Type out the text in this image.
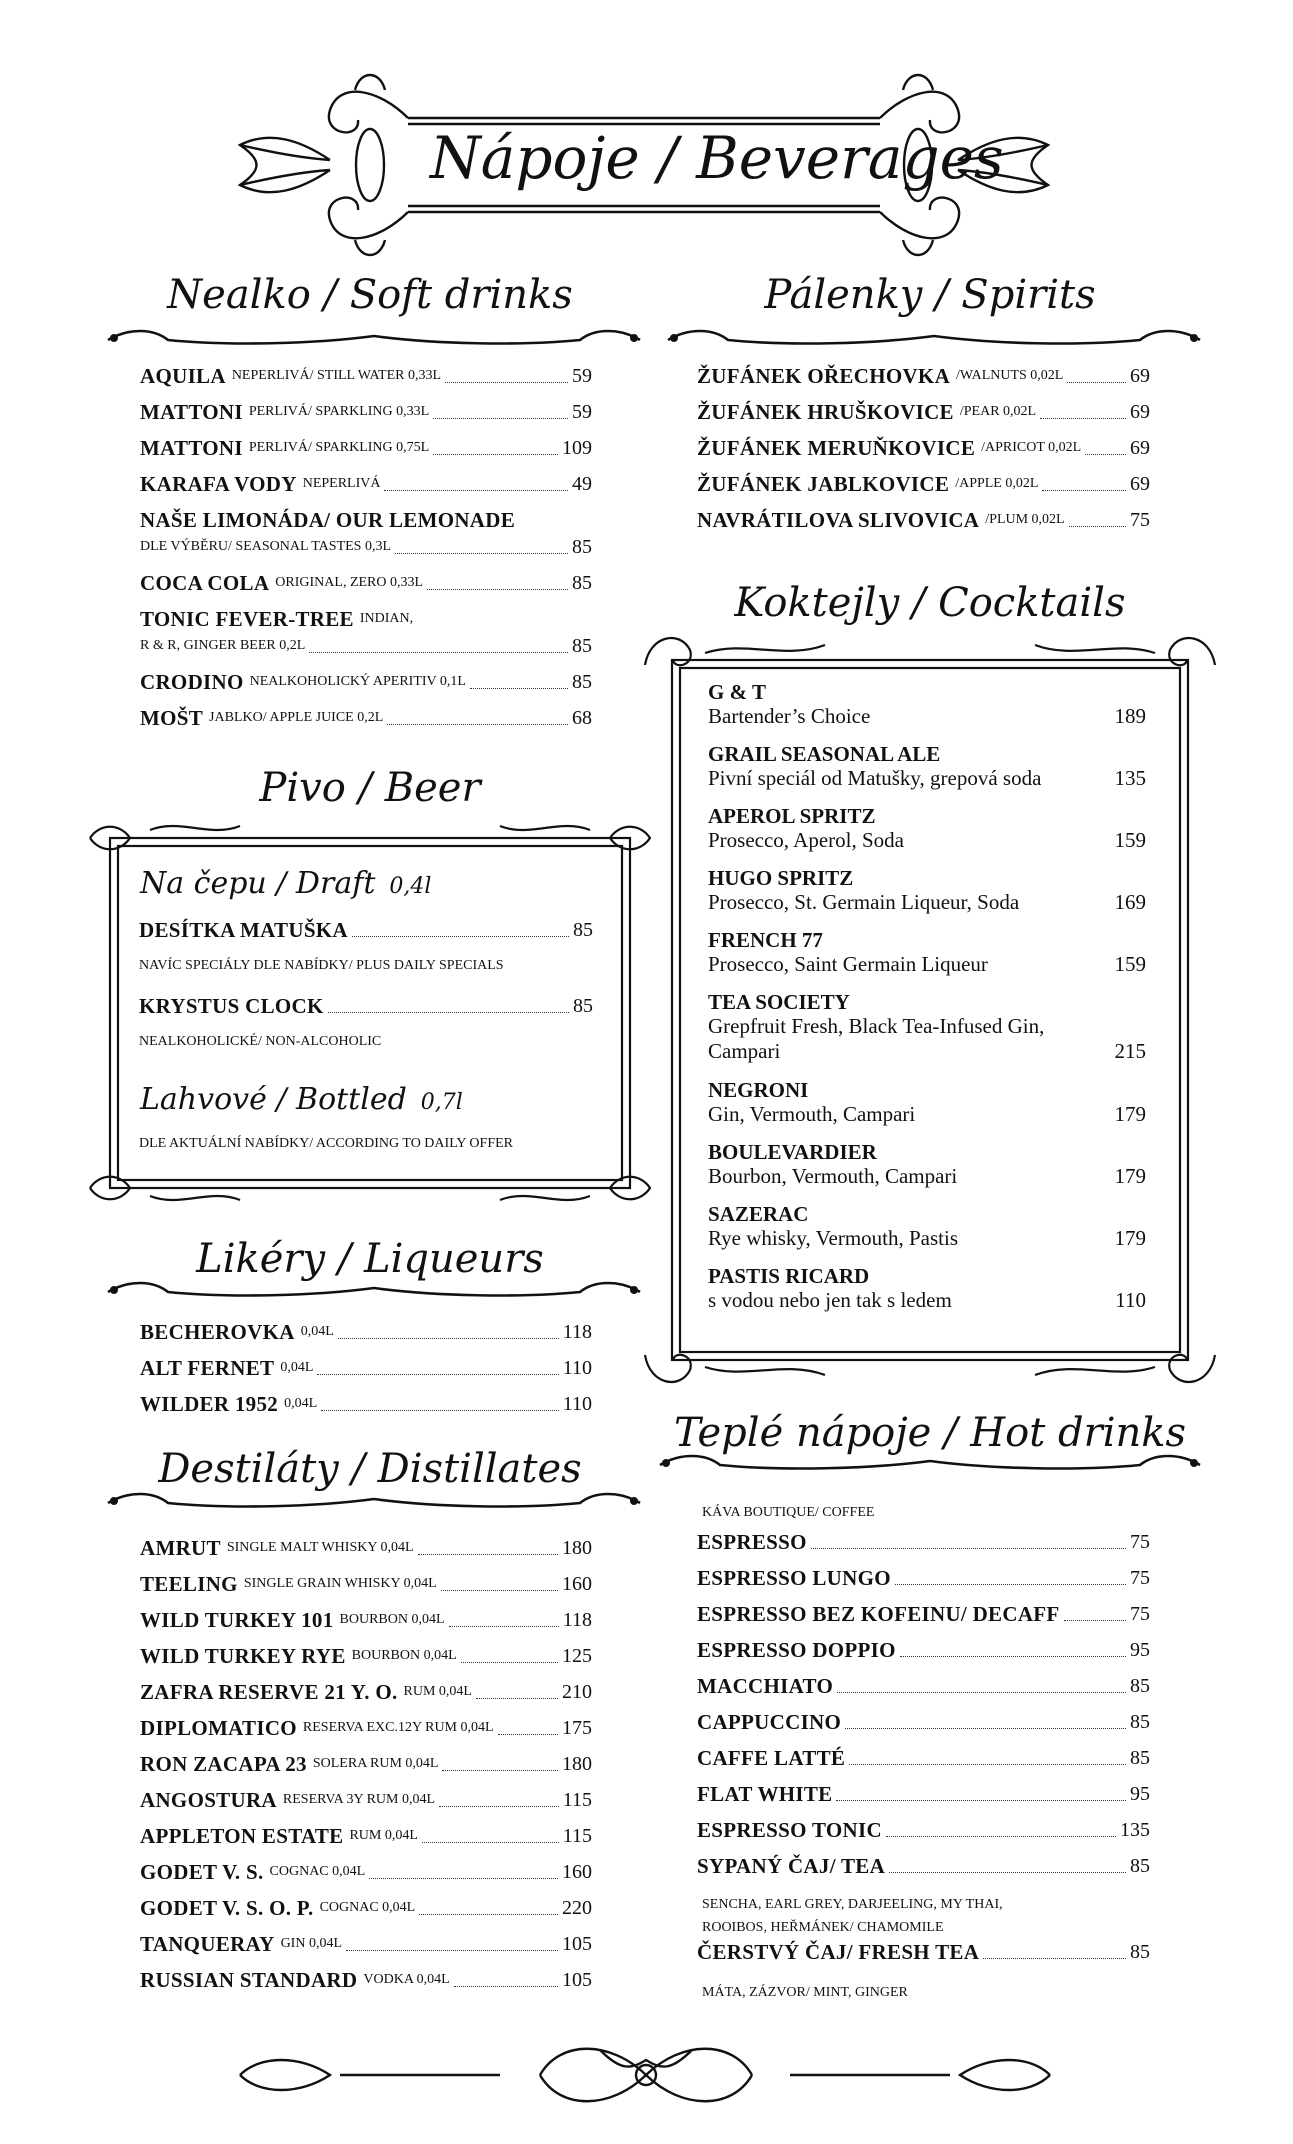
Nápoje / Beverages
Nealko / Soft drinks
AQUILA NEPERLIVÁ/ STILL WATER 0,33L	59
MATTONI PERLIVÁ/ SPARKLING 0,33L	59
MATTONI PERLIVÁ/ SPARKLING 0,75L	109
KARAFA VODY NEPERLIVÁ	49
NAŠE LIMONÁDA/ OUR LEMONADE
DLE VÝBĚRU/ SEASONAL TASTES 0,3L	85
COCA COLA ORIGINAL, ZERO 0,33L	85
TONIC FEVER-TREE INDIAN,
R & R, GINGER BEER 0,2L	85
CRODINO NEALKOHOLICKÝ APERITIV 0,1L	85
MOŠT JABLKO/ APPLE JUICE 0,2L	68
Pivo / Beer
Na čepu / Draft 0,4l
DESÍTKA MATUŠKA	85
NAVÍC SPECIÁLY DLE NABÍDKY/ PLUS DAILY SPECIALS
KRYSTUS CLOCK	85
NEALKOHOLICKÉ/ NON-ALCOHOLIC
Lahvové / Bottled 0,7l
DLE AKTUÁLNÍ NABÍDKY/ ACCORDING TO DAILY OFFER
Likéry / Liqueurs
BECHEROVKA 0,04L	118
ALT FERNET 0,04L	110
WILDER 1952 0,04L	110
Destiláty / Distillates
AMRUT SINGLE MALT WHISKY 0,04L	180
TEELING SINGLE GRAIN WHISKY 0,04L	160
WILD TURKEY 101 BOURBON 0,04L	118
WILD TURKEY RYE BOURBON 0,04L	125
ZAFRA RESERVE 21 Y. O. RUM 0,04L	210
DIPLOMATICO RESERVA EXC.12Y RUM 0,04L	175
RON ZACAPA 23 SOLERA RUM 0,04L	180
ANGOSTURA RESERVA 3Y RUM 0,04L	115
APPLETON ESTATE RUM 0,04L	115
GODET V. S. COGNAC 0,04L	160
GODET V. S. O. P. COGNAC 0,04L	220
TANQUERAY GIN 0,04L	105
RUSSIAN STANDARD VODKA 0,04L	105
Pálenky / Spirits
ŽUFÁNEK OŘECHOVKA /WALNUTS 0,02L	69
ŽUFÁNEK HRUŠKOVICE /PEAR 0,02L	69
ŽUFÁNEK MERUŇKOVICE /APRICOT 0,02L 69
ŽUFÁNEK JABLKOVICE /APPLE 0,02L	69
NAVRÁTILOVA SLIVOVICA /PLUM 0,02L	75
Koktejly / Cocktails
G & T
Bartender’s Choice	189
GRAIL SEASONAL ALE
Pivní speciál od Matušky, grepová soda	135
APEROL SPRITZ
Prosecco, Aperol, Soda	159
HUGO SPRITZ
Prosecco, St. Germain Liqueur, Soda	169
FRENCH 77
Prosecco, Saint Germain Liqueur	159
TEA SOCIETY
Grepfruit Fresh, Black Tea-Infused Gin, Campari	215
NEGRONI
Gin, Vermouth, Campari	179
BOULEVARDIER
Bourbon, Vermouth, Campari	179
SAZERAC
Rye whisky, Vermouth, Pastis	179
PASTIS RICARD
s vodou nebo jen tak s ledem	110
Teplé nápoje / Hot drinks
KÁVA BOUTIQUE/ COFFEE
ESPRESSO	75
ESPRESSO LUNGO	75
ESPRESSO BEZ KOFEINU/ DECAFF	75
ESPRESSO DOPPIO	95
MACCHIATO	85
CAPPUCCINO	85
CAFFE LATTÉ	85
FLAT WHITE	95
ESPRESSO TONIC	135
SYPANÝ ČAJ/ TEA	85
ČERSTVÝ ČAJ/ FRESH TEA	85
SENCHA, EARL GREY, DARJEELING, MY THAI,
ROOIBOS, HEŘMÁNEK/ CHAMOMILE
MÁTA, ZÁZVOR/ MINT, GINGER
